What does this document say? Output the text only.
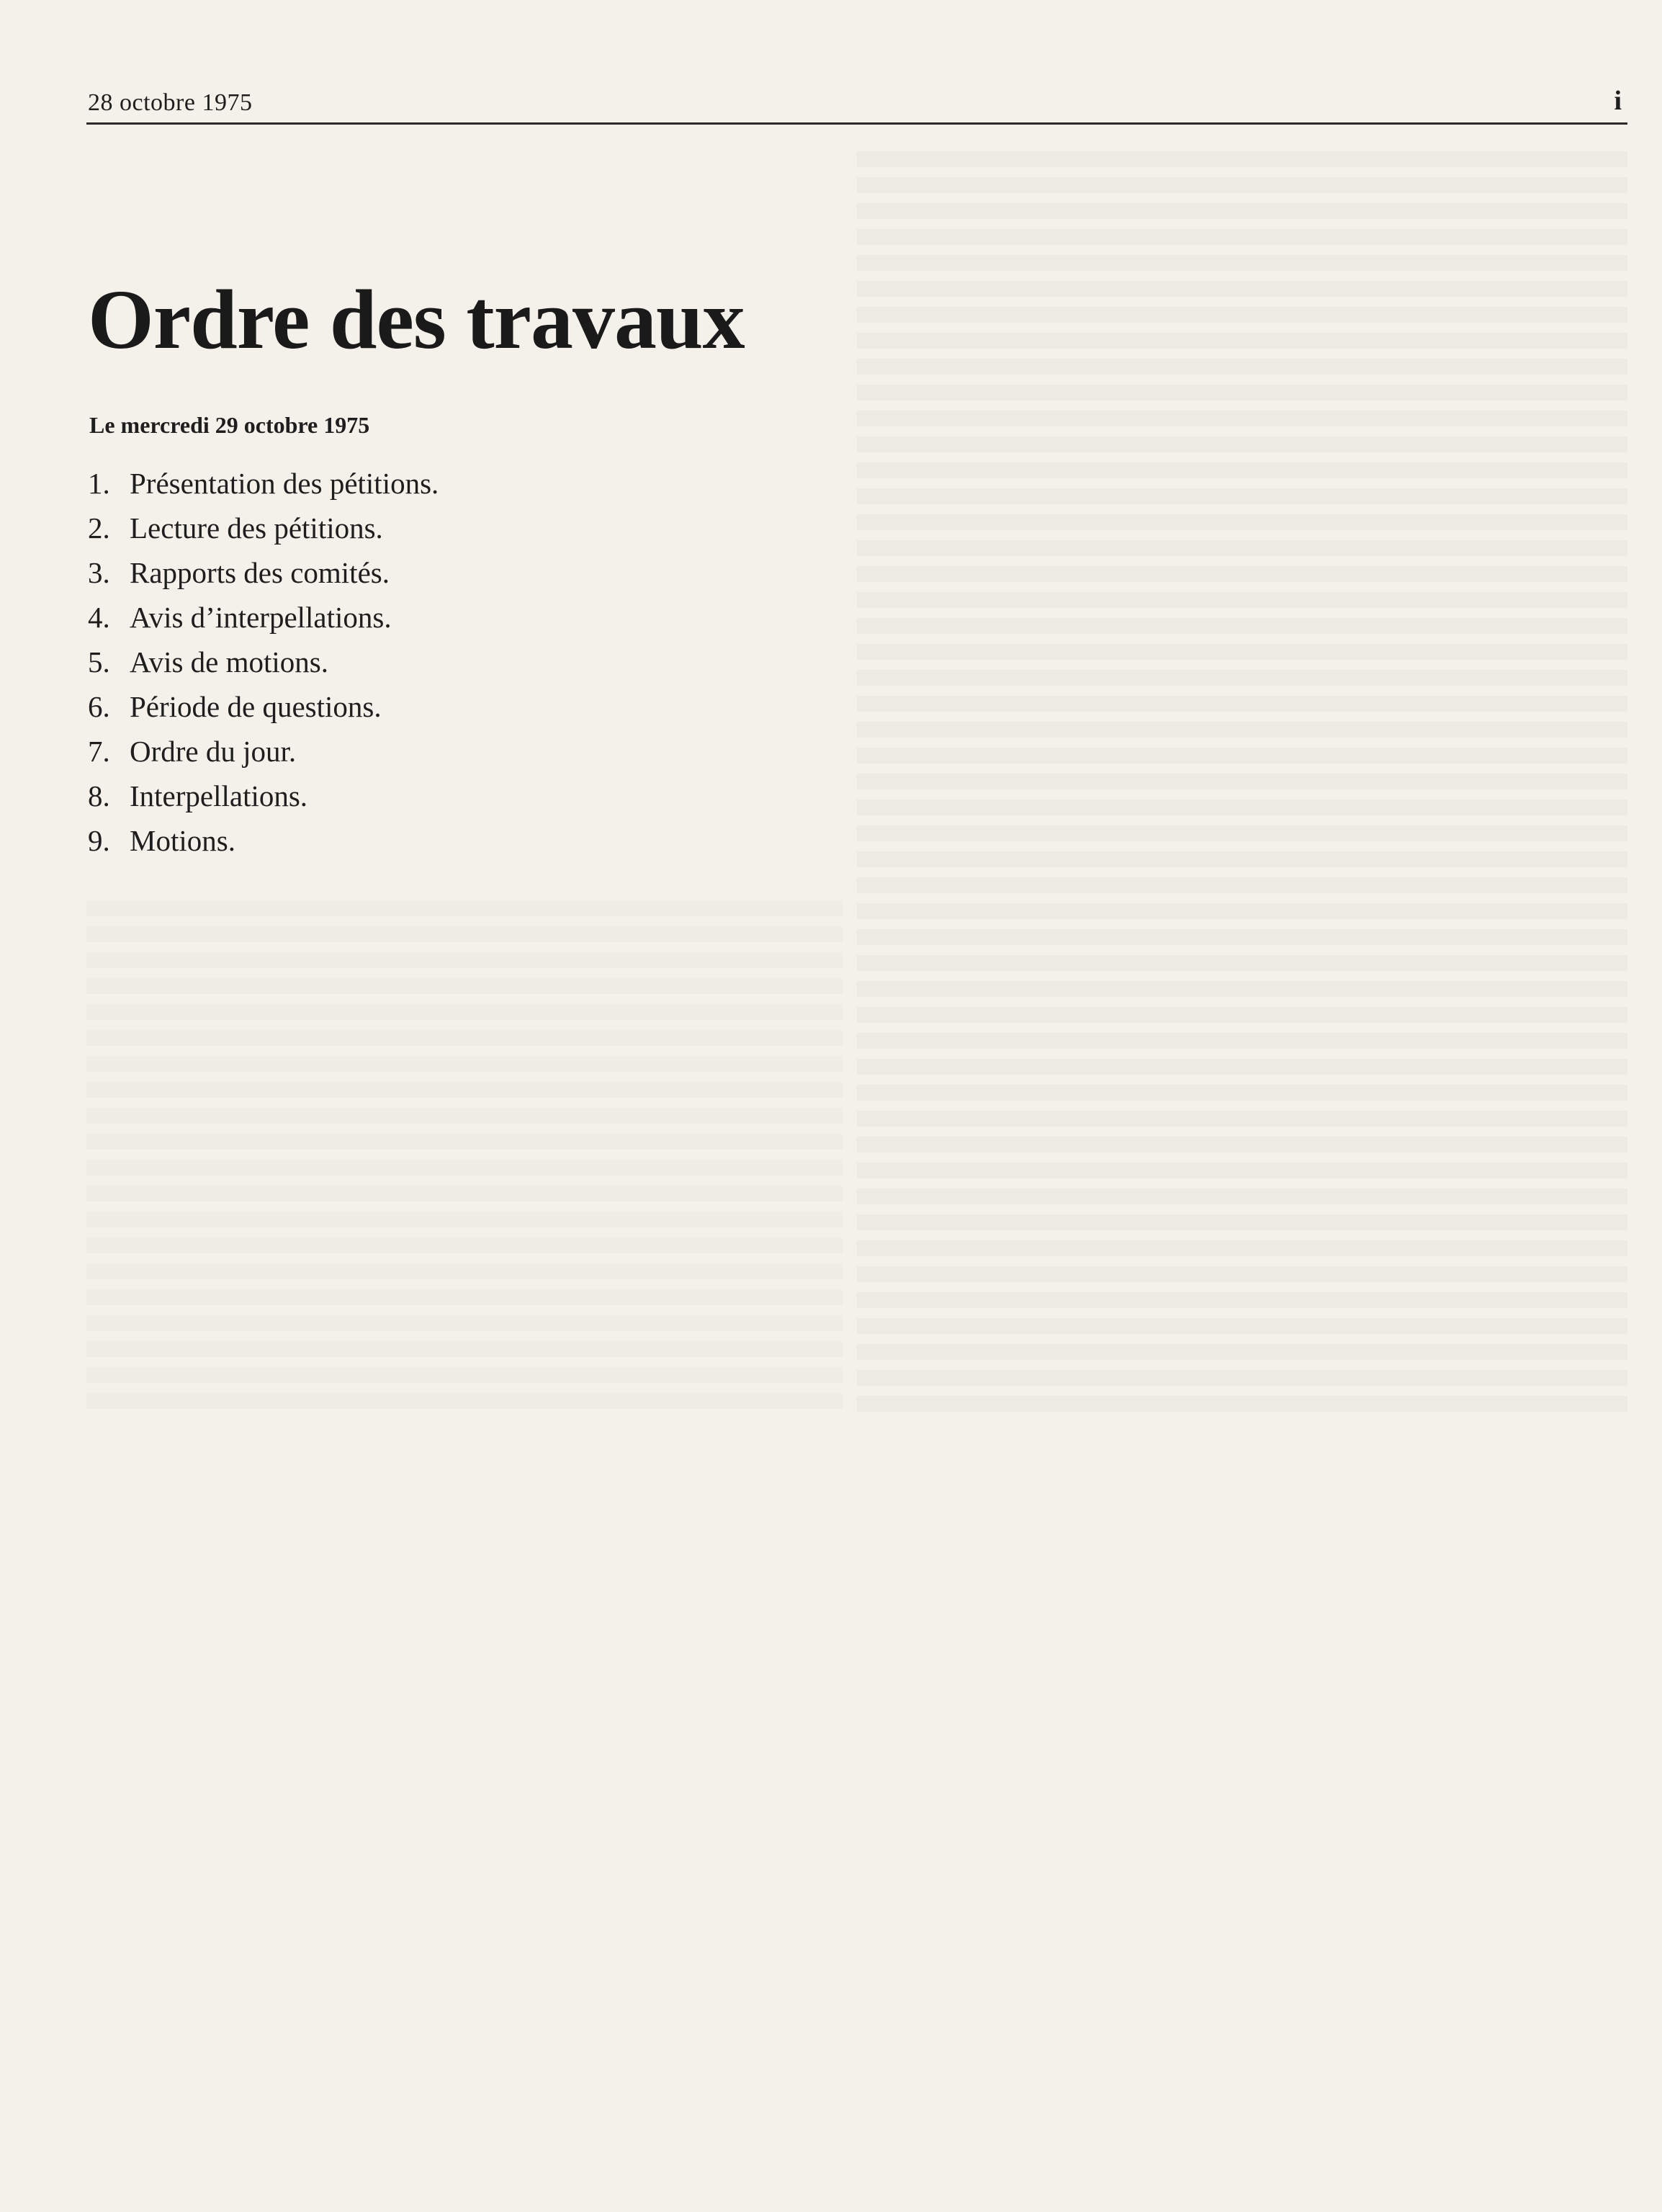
28 octobre 1975	i
Ordre des travaux
Le mercredi 29 octobre 1975
1. Présentation des pétitions.
2. Lecture des pétitions.
3. Rapports des comités.
4. Avis d’interpellations.
5. Avis de motions.
6. Période de questions.
7. Ordre du jour.
8. Interpellations.
9. Motions.
